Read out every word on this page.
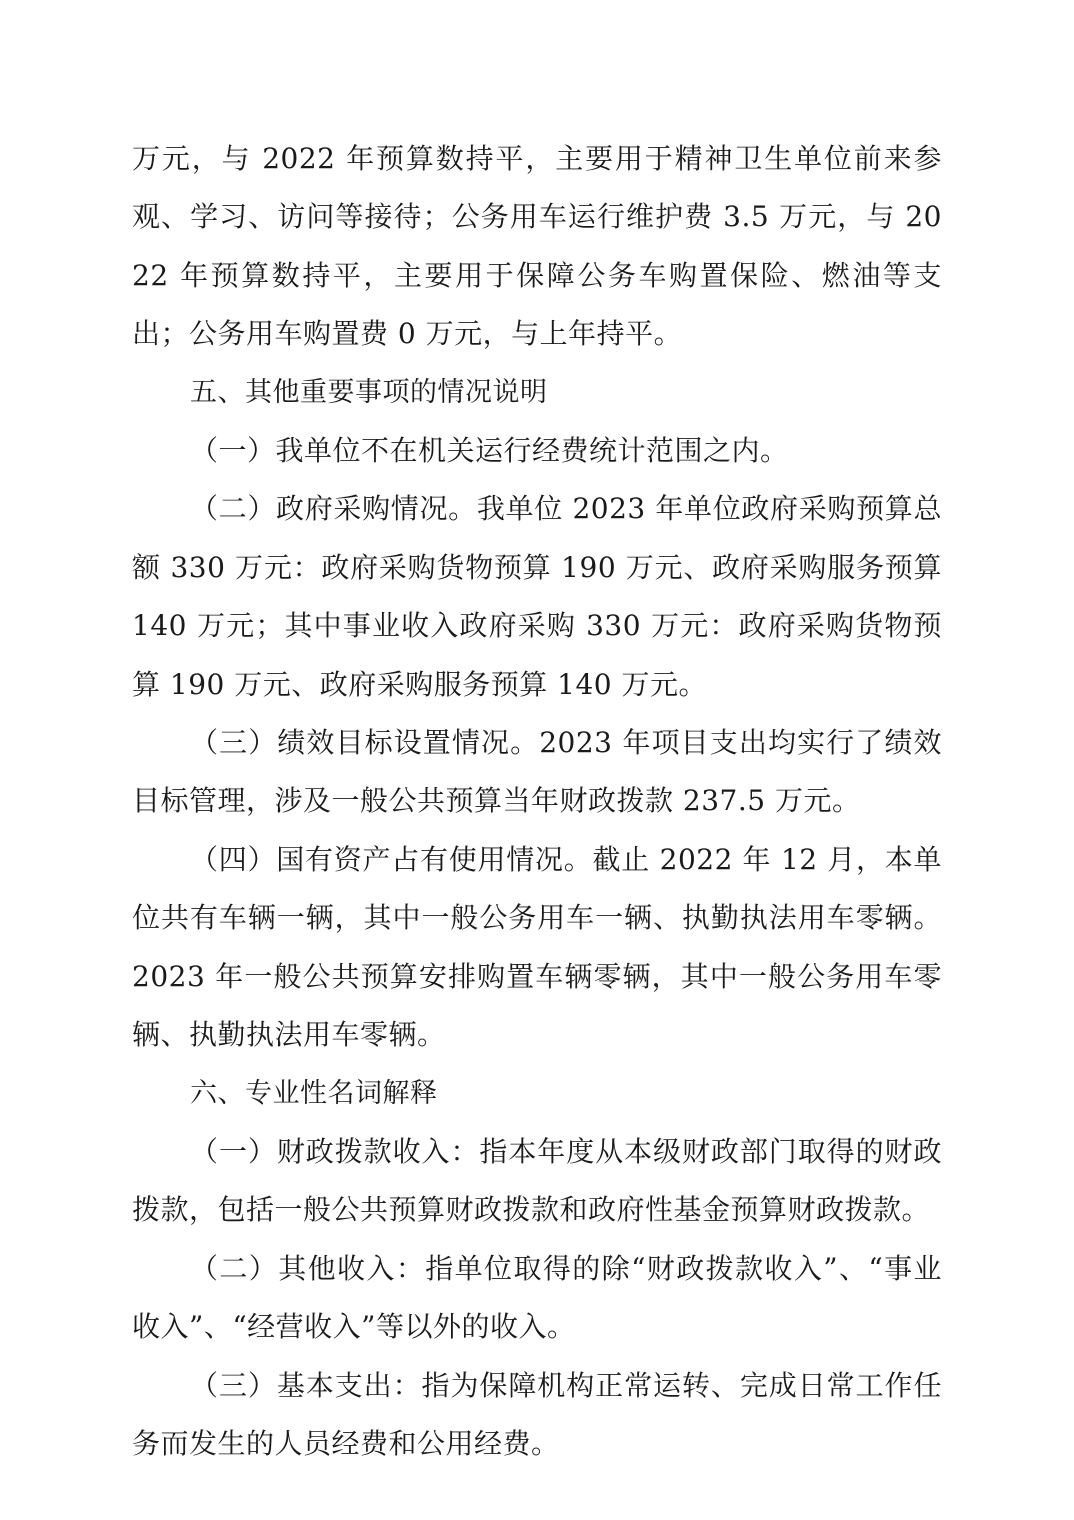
万元，与 2022 年预算数持平，主要用于精神卫生单位前来参观、学习、访问等接待；公务用车运行维护费 3.5 万元，与 2022 年预算数持平，主要用于保障公务车购置保险、燃油等支出；公务用车购置费 0 万元，与上年持平。

五、其他重要事项的情况说明

（一）我单位不在机关运行经费统计范围之内。

（二）政府采购情况。我单位 2023 年单位政府采购预算总额 330 万元：政府采购货物预算 190 万元、政府采购服务预算 140 万元；其中事业收入政府采购 330 万元：政府采购货物预算 190 万元、政府采购服务预算 140 万元。

（三）绩效目标设置情况。2023 年项目支出均实行了绩效目标管理，涉及一般公共预算当年财政拨款 237.5 万元。

（四）国有资产占有使用情况。截止 2022 年 12 月，本单位共有车辆一辆，其中一般公务用车一辆、执勤执法用车零辆。2023 年一般公共预算安排购置车辆零辆，其中一般公务用车零辆、执勤执法用车零辆。

六、专业性名词解释

（一）财政拨款收入：指本年度从本级财政部门取得的财政拨款，包括一般公共预算财政拨款和政府性基金预算财政拨款。

（二）其他收入：指单位取得的除“财政拨款收入”、“事业收入”、“经营收入”等以外的收入。

（三）基本支出：指为保障机构正常运转、完成日常工作任务而发生的人员经费和公用经费。
